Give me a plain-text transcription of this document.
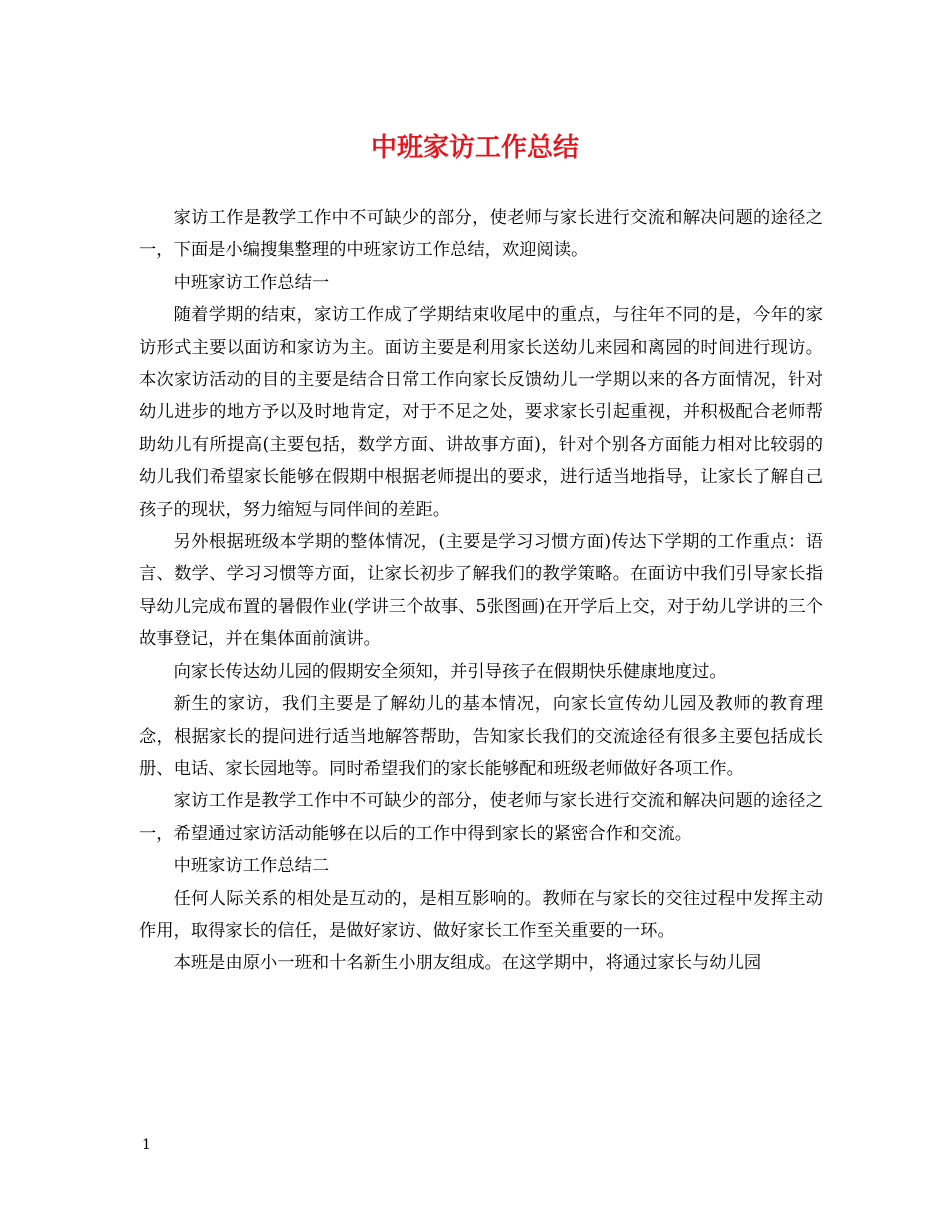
中班家访工作总结

家访工作是教学工作中不可缺少的部分，使老师与家长进行交流和解决问题的途径之一，下面是小编搜集整理的中班家访工作总结，欢迎阅读。

中班家访工作总结一

随着学期的结束，家访工作成了学期结束收尾中的重点，与往年不同的是，今年的家访形式主要以面访和家访为主。面访主要是利用家长送幼儿来园和离园的时间进行现访。本次家访活动的目的主要是结合日常工作向家长反馈幼儿一学期以来的各方面情况，针对幼儿进步的地方予以及时地肯定，对于不足之处，要求家长引起重视，并积极配合老师帮助幼儿有所提高(主要包括，数学方面、讲故事方面)，针对个别各方面能力相对比较弱的幼儿我们希望家长能够在假期中根据老师提出的要求，进行适当地指导，让家长了解自己孩子的现状，努力缩短与同伴间的差距。

另外根据班级本学期的整体情况，(主要是学习习惯方面)传达下学期的工作重点：语言、数学、学习习惯等方面，让家长初步了解我们的教学策略。在面访中我们引导家长指导幼儿完成布置的暑假作业(学讲三个故事、5张图画)在开学后上交，对于幼儿学讲的三个故事登记，并在集体面前演讲。

向家长传达幼儿园的假期安全须知，并引导孩子在假期快乐健康地度过。

新生的家访，我们主要是了解幼儿的基本情况，向家长宣传幼儿园及教师的教育理念，根据家长的提问进行适当地解答帮助，告知家长我们的交流途径有很多主要包括成长册、电话、家长园地等。同时希望我们的家长能够配和班级老师做好各项工作。

家访工作是教学工作中不可缺少的部分，使老师与家长进行交流和解决问题的途径之一，希望通过家访活动能够在以后的工作中得到家长的紧密合作和交流。

中班家访工作总结二

任何人际关系的相处是互动的，是相互影响的。教师在与家长的交往过程中发挥主动作用，取得家长的信任，是做好家访、做好家长工作至关重要的一环。

本班是由原小一班和十名新生小朋友组成。在这学期中，将通过家长与幼儿园

1
